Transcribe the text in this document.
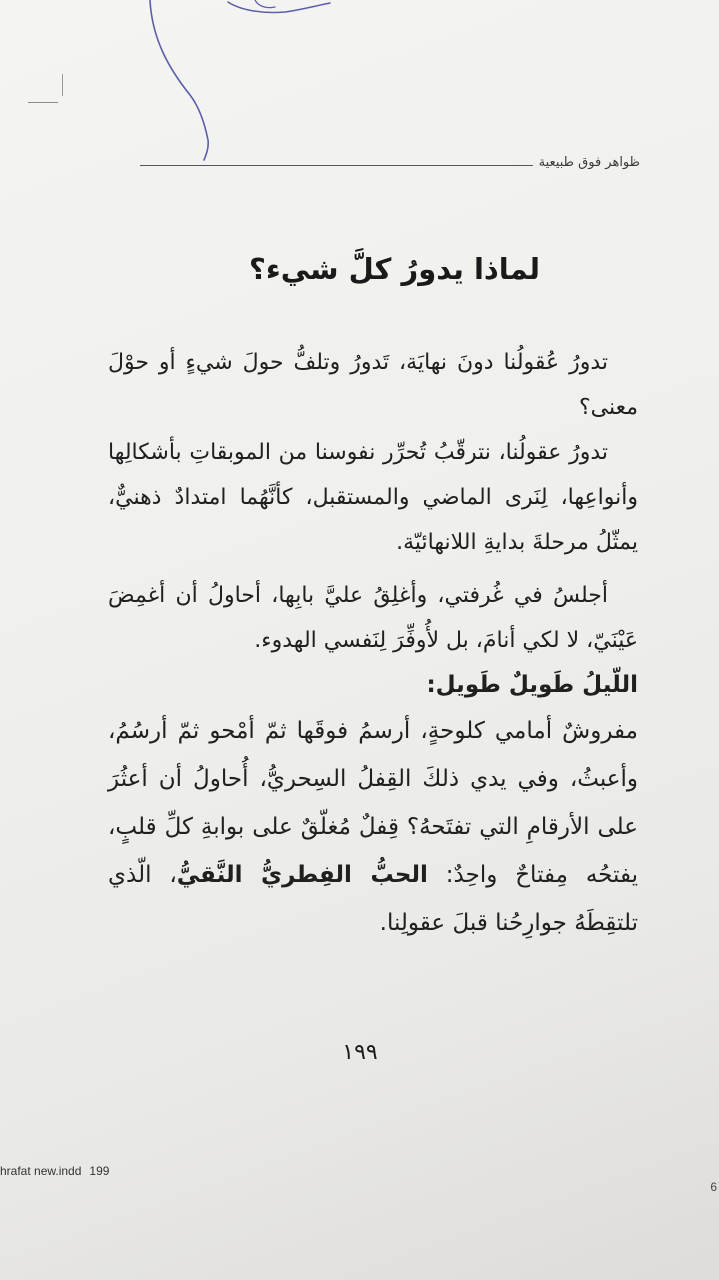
ظواهر فوق طبيعية
لماذا يدورُ كلَّ شيء؟

تدورُ عُقولُنا دونَ نهايَة، تَدورُ وتلفُّ حولَ شيءٍ أو حوْلَ معنى؟

تدورُ عقولُنا، نترقّبُ تُحرِّر نفوسنا من الموبقاتِ بأشكالِها وأنواعِها، لِنَرى الماضي والمستقبل، كأنَّهُما امتدادٌ ذهنيٌّ، يمثّلُ مرحلةَ بدايةِ اللانهائيّة.

أجلسُ في غُرفتي، وأغلِقُ عليَّ بابِها، أحاولُ أن أغمِضَ عَيْنَيّ، لا لكي أنامَ، بل لأُوفِّرَ لِنَفسي الهدوء.

اللّيلُ طَويلٌ طَويل:

مفروشٌ أمامي كلوحةٍ، أرسمُ فوقَها ثمّ أمْحو ثمّ أرسُمُ، وأعبثُ، وفي يدي ذلكَ القِفلُ السِحريُّ، أُحاولُ أن أعثُرَ على الأرقامِ التي تفتَحهُ؟ قِفلٌ مُغلّقٌ على بوابةِ كلِّ قلبٍ، يفتحُه مِفتاحٌ واحِدٌ: الحبُّ الفِطريُّ النَّقيُّ، الّذي تلتقِطَهُ جوارِحُنا قبلَ عقولِنا.

١٩٩
hrafat new.indd 199
6
